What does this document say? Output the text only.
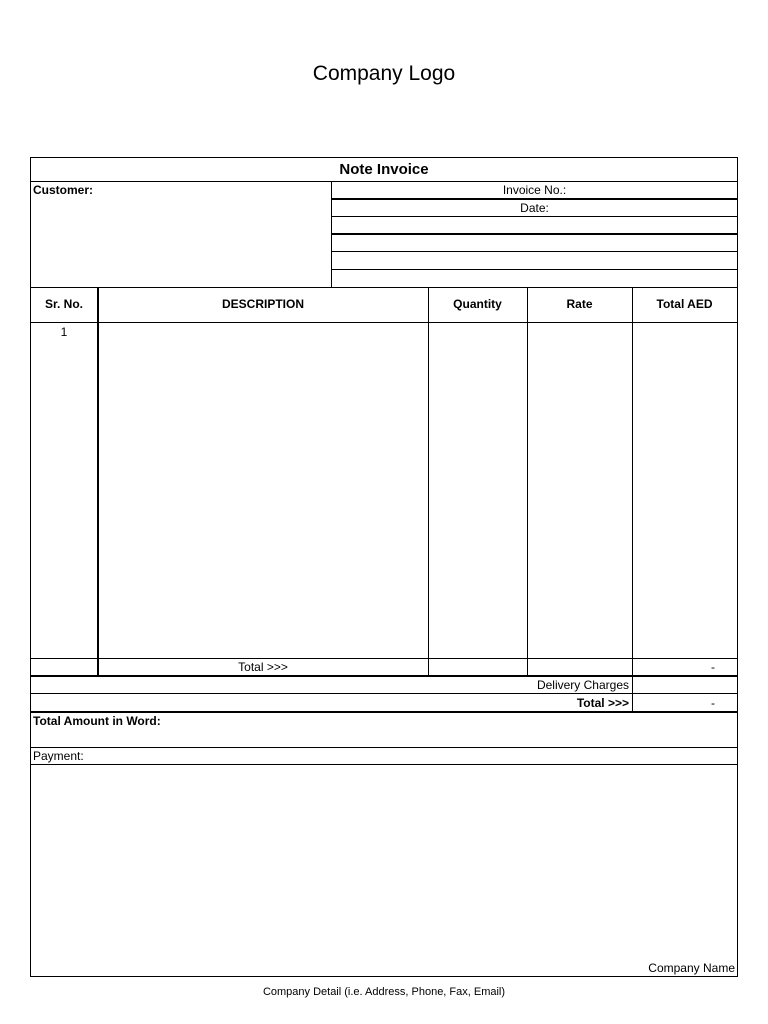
Company Logo
Note Invoice
Customer:	Invoice No.:
Date:
Sr. No.	DESCRIPTION	Quantity	Rate	Total AED
1
Total >>>	-
Delivery Charges
Total >>>	-
Total Amount in Word:
Payment:
Company Name
Company Detail (i.e. Address, Phone, Fax, Email)
